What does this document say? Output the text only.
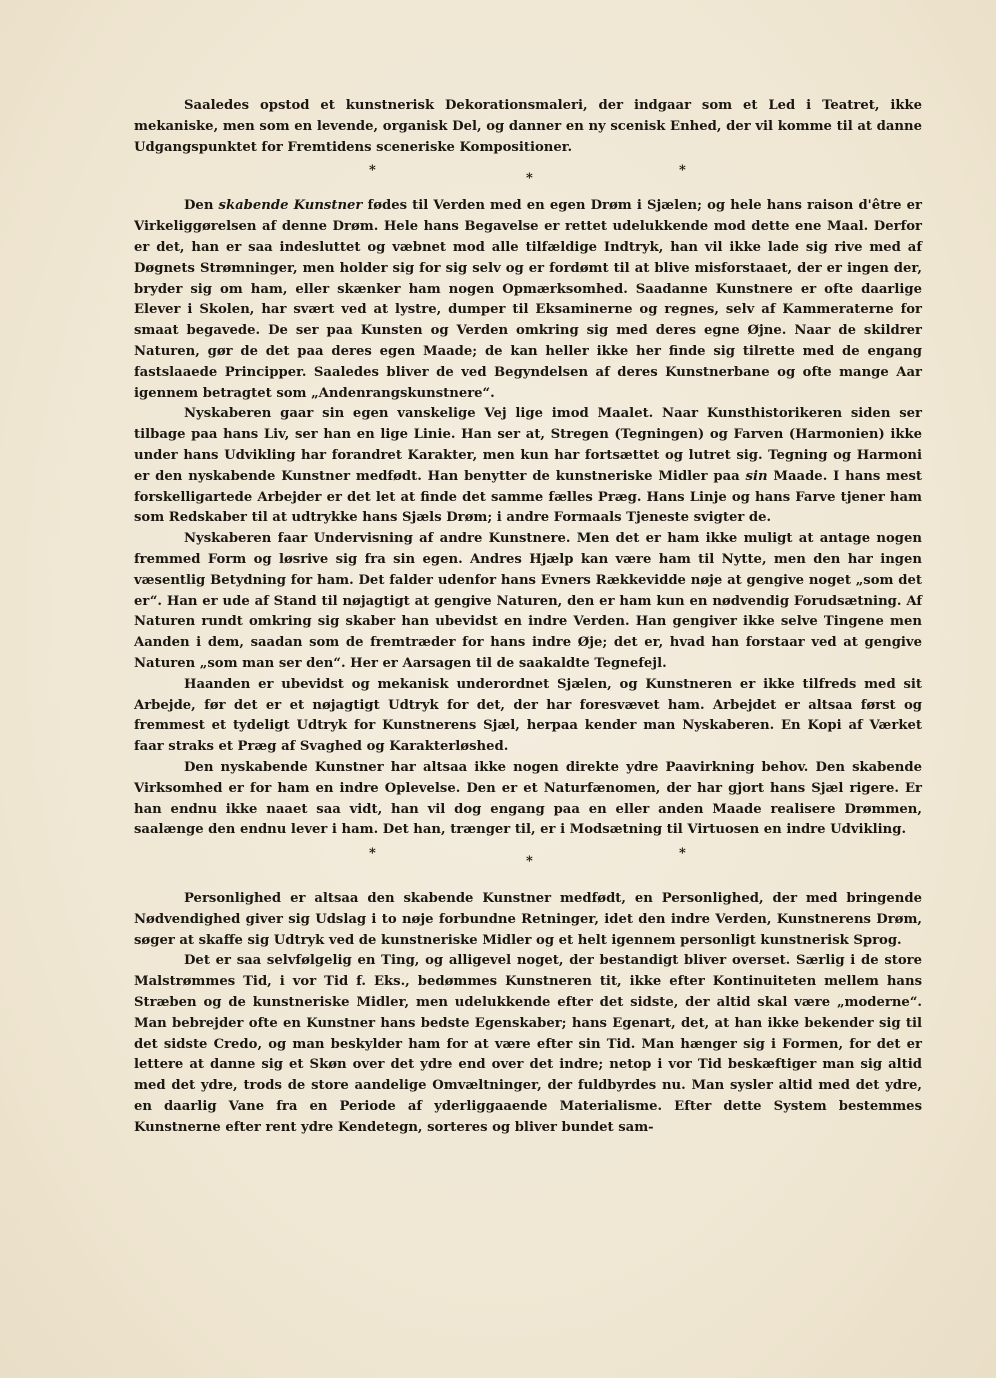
Saaledes opstod et kunstnerisk Dekorationsmaleri, der indgaar som et Led i Teatret, ikke mekaniske, men som en levende, organisk Del, og danner en ny scenisk Enhed, der vil komme til at danne Udgangspunktet for Fremtidens sceneriske Kompositioner.

*
*
*

Den skabende Kunstner fødes til Verden med en egen Drøm i Sjælen; og hele hans raison d'être er Virkeliggørelsen af denne Drøm. Hele hans Begavelse er rettet udelukkende mod dette ene Maal. Derfor er det, han er saa indesluttet og væbnet mod alle tilfældige Indtryk, han vil ikke lade sig rive med af Døgnets Strømninger, men holder sig for sig selv og er fordømt til at blive misforstaaet, der er ingen der, bryder sig om ham, eller skænker ham nogen Opmærksomhed. Saadanne Kunstnere er ofte daarlige Elever i Skolen, har svært ved at lystre, dumper til Eksaminerne og regnes, selv af Kammeraterne for smaat begavede. De ser paa Kunsten og Verden omkring sig med deres egne Øjne. Naar de skildrer Naturen, gør de det paa deres egen Maade; de kan heller ikke her finde sig tilrette med de engang fastslaaede Principper. Saaledes bliver de ved Begyndelsen af deres Kunstnerbane og ofte mange Aar igennem betragtet som „Andenrangskunstnere“.

Nyskaberen gaar sin egen vanskelige Vej lige imod Maalet. Naar Kunsthistorikeren siden ser tilbage paa hans Liv, ser han en lige Linie. Han ser at, Stregen (Tegningen) og Farven (Harmonien) ikke under hans Udvikling har forandret Karakter, men kun har fortsættet og lutret sig. Tegning og Harmoni er den nyskabende Kunstner medfødt. Han benytter de kunstneriske Midler paa sin Maade. I hans mest forskelligartede Arbejder er det let at finde det samme fælles Præg. Hans Linje og hans Farve tjener ham som Redskaber til at udtrykke hans Sjæls Drøm; i andre Formaals Tjeneste svigter de.

Nyskaberen faar Undervisning af andre Kunstnere. Men det er ham ikke muligt at antage nogen fremmed Form og løsrive sig fra sin egen. Andres Hjælp kan være ham til Nytte, men den har ingen væsentlig Betydning for ham. Det falder udenfor hans Evners Rækkevidde nøje at gengive noget „som det er“. Han er ude af Stand til nøjagtigt at gengive Naturen, den er ham kun en nødvendig Forudsætning. Af Naturen rundt omkring sig skaber han ubevidst en indre Verden. Han gengiver ikke selve Tingene men Aanden i dem, saadan som de fremtræder for hans indre Øje; det er, hvad han forstaar ved at gengive Naturen „som man ser den“. Her er Aarsagen til de saakaldte Tegnefejl.

Haanden er ubevidst og mekanisk underordnet Sjælen, og Kunstneren er ikke tilfreds med sit Arbejde, før det er et nøjagtigt Udtryk for det, der har foresvævet ham. Arbejdet er altsaa først og fremmest et tydeligt Udtryk for Kunstnerens Sjæl, herpaa kender man Nyskaberen. En Kopi af Værket faar straks et Præg af Svaghed og Karakterløshed.

Den nyskabende Kunstner har altsaa ikke nogen direkte ydre Paavirkning behov. Den skabende Virksomhed er for ham en indre Oplevelse. Den er et Naturfænomen, der har gjort hans Sjæl rigere. Er han endnu ikke naaet saa vidt, han vil dog engang paa en eller anden Maade realisere Drømmen, saalænge den endnu lever i ham. Det han, trænger til, er i Modsætning til Virtuosen en indre Udvikling.

*
*
*

Personlighed er altsaa den skabende Kunstner medfødt, en Personlighed, der med bringende Nødvendighed giver sig Udslag i to nøje forbundne Retninger, idet den indre Verden, Kunstnerens Drøm, søger at skaffe sig Udtryk ved de kunstneriske Midler og et helt igennem personligt kunstnerisk Sprog.

Det er saa selvfølgelig en Ting, og alligevel noget, der bestandigt bliver overset. Særlig i de store Malstrømmes Tid, i vor Tid f. Eks., bedømmes Kunstneren tit, ikke efter Kontinuiteten mellem hans Stræben og de kunstneriske Midler, men udelukkende efter det sidste, der altid skal være „moderne“. Man bebrejder ofte en Kunstner hans bedste Egenskaber; hans Egenart, det, at han ikke bekender sig til det sidste Credo, og man beskylder ham for at være efter sin Tid. Man hænger sig i Formen, for det er lettere at danne sig et Skøn over det ydre end over det indre; netop i vor Tid beskæftiger man sig altid med det ydre, trods de store aandelige Omvæltninger, der fuldbyrdes nu. Man sysler altid med det ydre, en daarlig Vane fra en Periode af yderliggaaende Materialisme. Efter dette System bestemmes Kunstnerne efter rent ydre Kendetegn, sorteres og bliver bundet sam-
